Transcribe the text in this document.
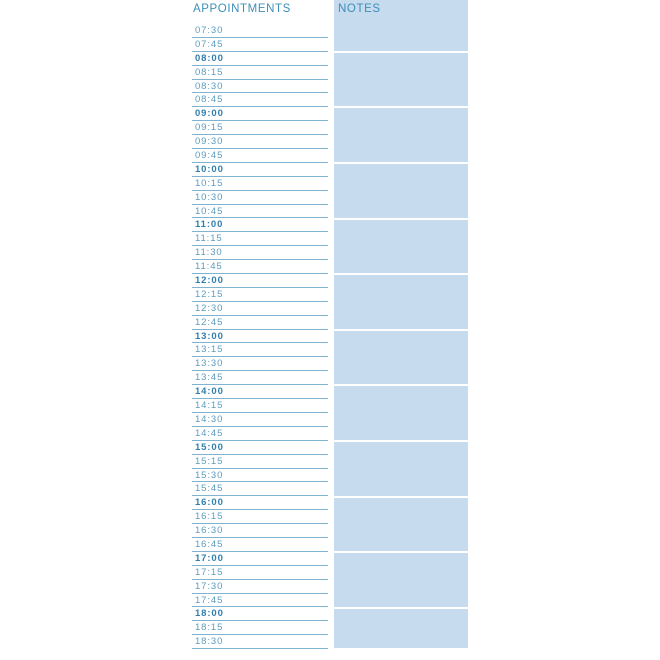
APPOINTMENTS
07:30
07:45
08:00
08:15
08:30
08:45
09:00
09:15
09:30
09:45
10:00
10:15
10:30
10:45
11:00
11:15
11:30
11:45
12:00
12:15
12:30
12:45
13:00
13:15
13:30
13:45
14:00
14:15
14:30
14:45
15:00
15:15
15:30
15:45
16:00
16:15
16:30
16:45
17:00
17:15
17:30
17:45
18:00
18:15
18:30
NOTES
